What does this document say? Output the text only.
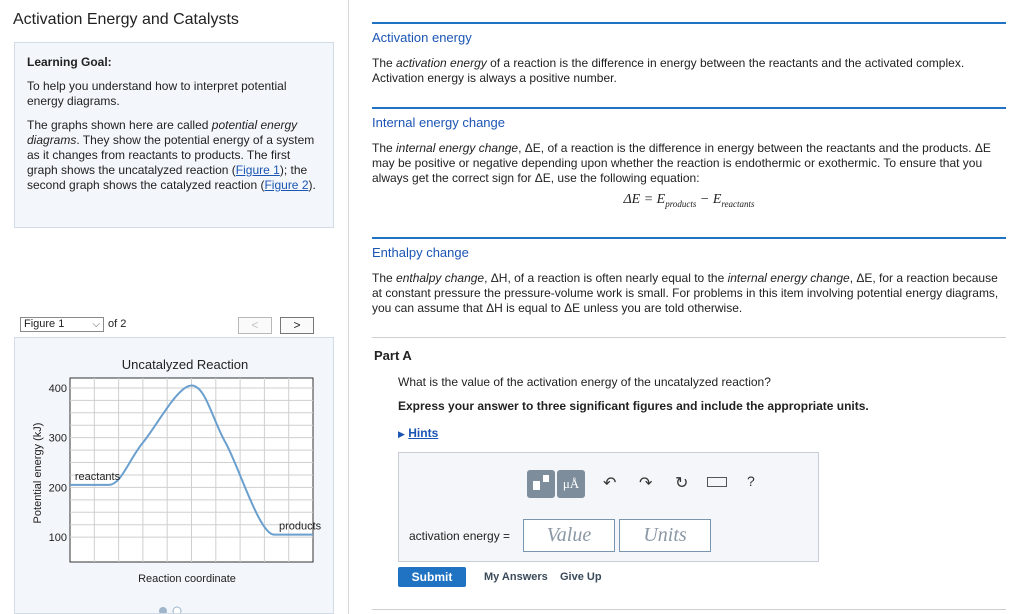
Activation Energy and Catalysts
Learning Goal:

To help you understand how to interpret potential energy diagrams.

The graphs shown here are called potential energy diagrams. They show the potential energy of a system as it changes from reactants to products. The first graph shows the uncatalyzed reaction (Figure 1); the second graph shows the catalyzed reaction (Figure 2).

Figure 1	⌵ of 2	<	>
Uncatalyzed Reaction
400
300
200
100
reactants
products
Reaction coordinate
Potential energy (kJ)
Activation energy

The activation energy of a reaction is the difference in energy between the reactants and the activated complex. Activation energy is always a positive number.

Internal energy change

The internal energy change, ΔE, of a reaction is the difference in energy between the reactants and the products. ΔE may be positive or negative depending upon whether the reaction is endothermic or exothermic. To ensure that you always get the correct sign for ΔE, use the following equation:

$\Delta E = E_{products} - E_{reactants}$
Enthalpy change

The enthalpy change, ΔH, of a reaction is often nearly equal to the internal energy change, ΔE, for a reaction because at constant pressure the pressure-volume work is small. For problems in this item involving potential energy diagrams, you can assume that ΔH is equal to ΔE unless you are told otherwise.

Part A
What is the value of the activation energy of the uncatalyzed reaction?
Express your answer to three significant figures and include the appropriate units.
▶ Hints
μÅ	↶ ↷ ↻	?
activation energy =	Value	Units
Submit	My Answers Give Up
